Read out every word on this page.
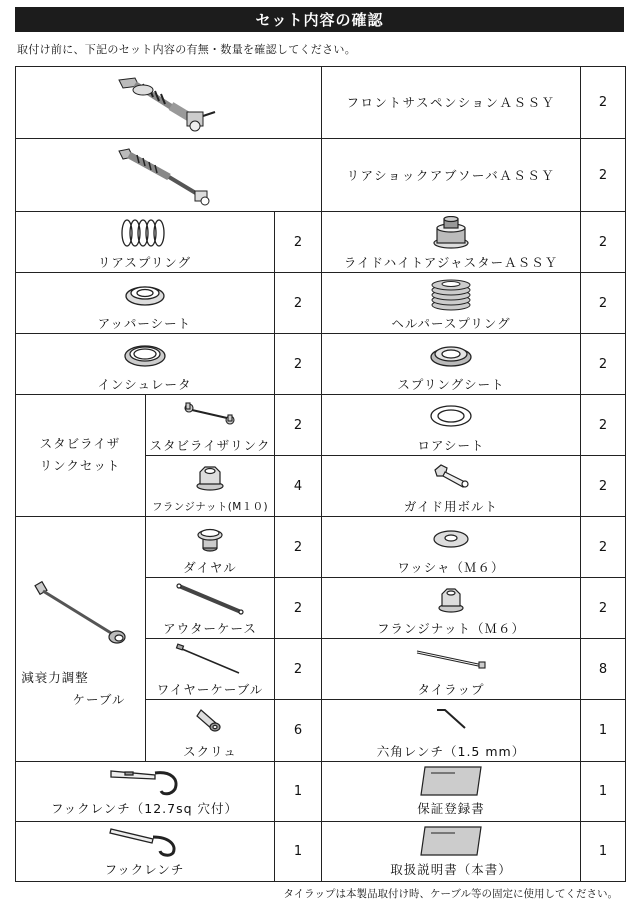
セット内容の確認
取付け前に、下記のセット内容の有無・数量を確認してください。
フロントサスペンションＡＳＳＹ	2
リアショックアブソーバＡＳＳＹ	2
リアスプリング
2
ライドハイトアジャスターＡＳＳＹ
2
アッパーシート
2
ヘルパースプリング
2
インシュレータ
2
スプリングシート
2
スタビライザ
リンクセット
スタビライザリンク
2
ロアシート
2
フランジナット(M１０)
4
ガイド用ボルト
2
減衰力調整
ケーブル
ダイヤル
2
ワッシャ（Ｍ６）
2
アウターケース
2
フランジナット（Ｍ６）
2
ワイヤーケーブル
2
タイラップ
8
スクリュ
6
六角レンチ（1.5 mm）
1
フックレンチ（12.7sq 穴付）
1
保証登録書
1
フックレンチ
1
取扱説明書（本書）
1
タイラップは本製品取付け時、ケーブル等の固定に使用してください。
